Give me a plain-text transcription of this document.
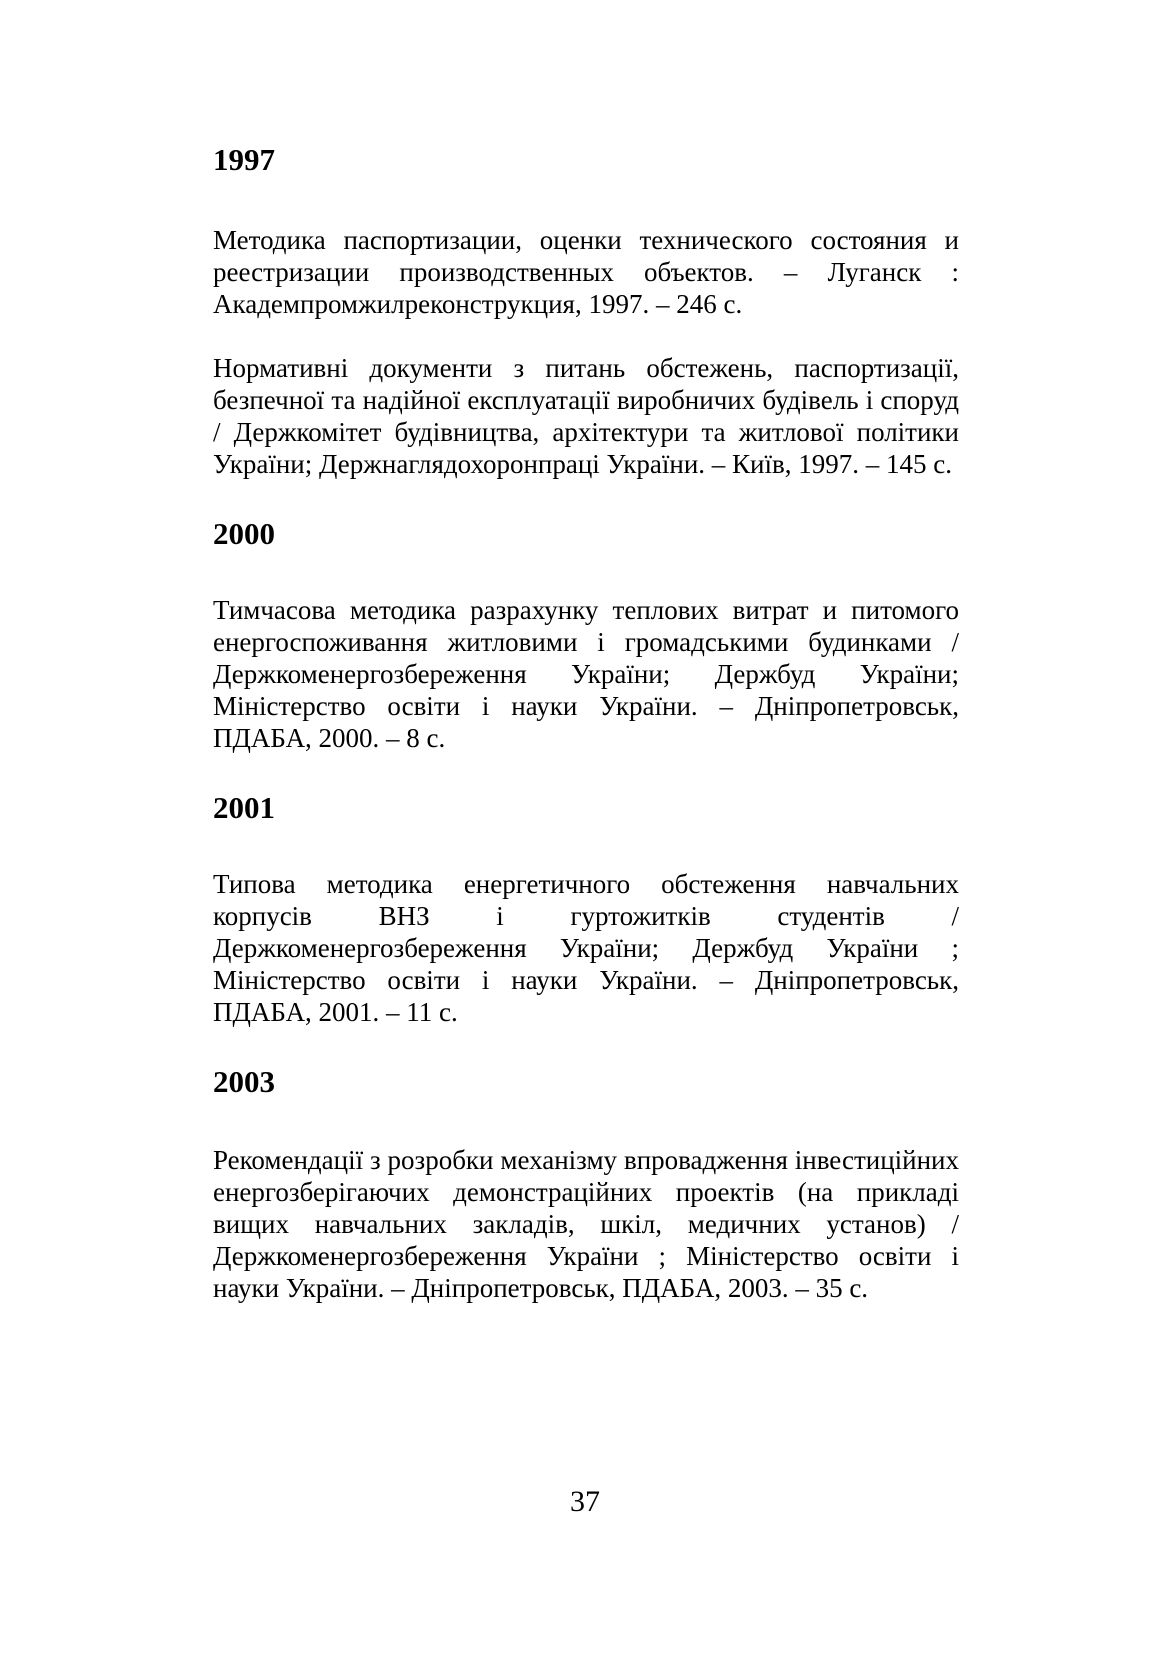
1997

Методика паспортизации, оценки технического состояния и реестризации производственных объектов. – Луганск : Академпромжилреконструкция, 1997. – 246 с.

Нормативні документи з питань обстежень, паспортизації, безпечної та надійної експлуатації виробничих будівель і споруд / Держкомітет будівництва, архітектури та житлової політики України; Держнаглядохоронпраці України. – Київ, 1997. – 145 с.

2000

Тимчасова методика разрахунку теплових витрат и питомого енергоспоживання житловими і громадськими будинками / Держкоменергозбереження України; Держбуд України; Міністерство освіти і науки України. – Дніпропетровськ, ПДАБА, 2000. – 8 с.

2001

Типова методика енергетичного обстеження навчальних корпусів ВНЗ і гуртожитків студентів / Держкоменергозбереження України; Держбуд України ; Міністерство освіти і науки України. – Дніпропетровськ, ПДАБА, 2001. – 11 с.

2003

Рекомендації з розробки механізму впровадження інвестиційних енергозберігаючих демонстраційних проектів (на прикладі вищих навчальних закладів, шкіл, медичних установ) / Держкоменергозбереження України ; Міністерство освіти і науки України. – Дніпропетровськ, ПДАБА, 2003. – 35 с.

37
